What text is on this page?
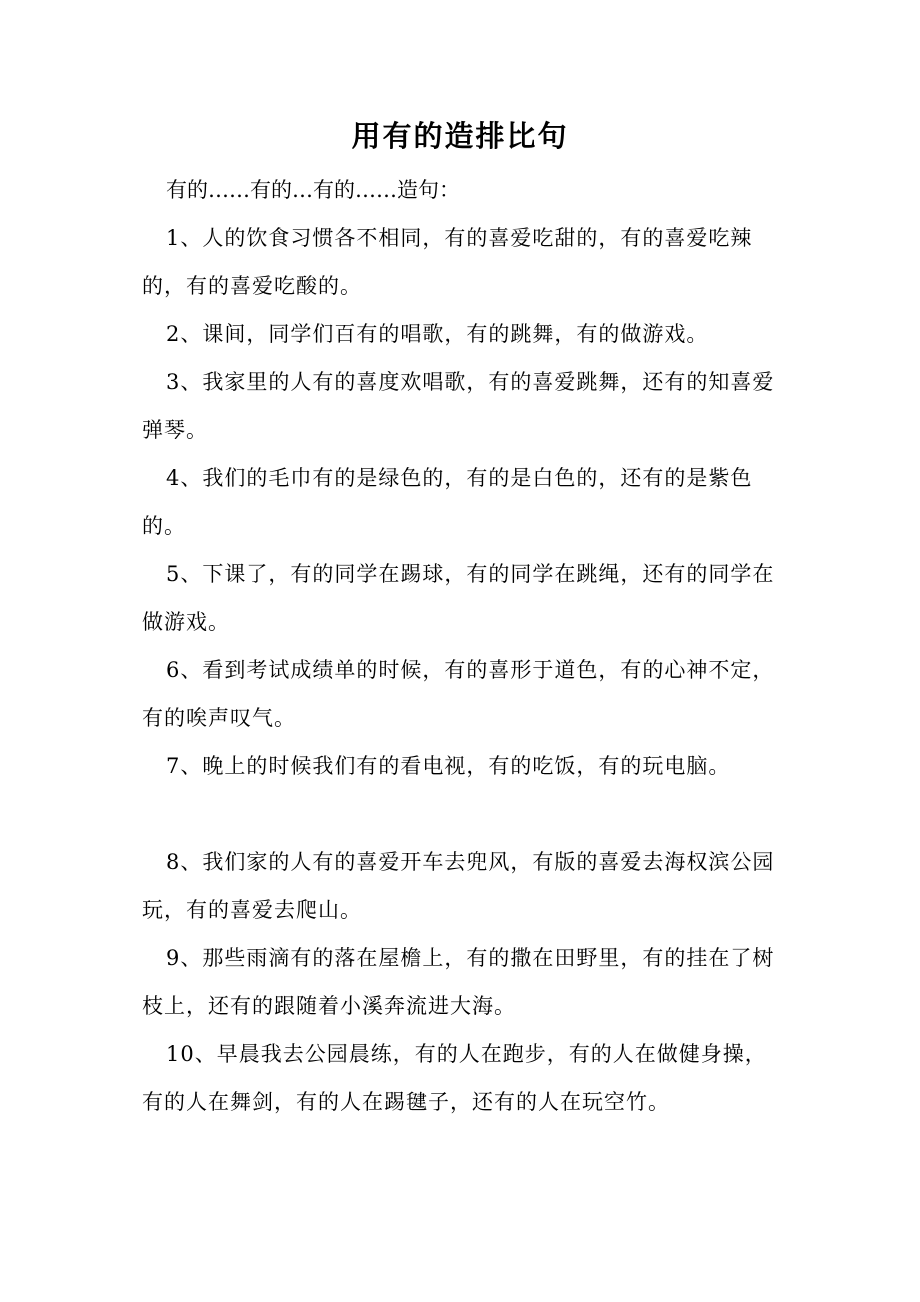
用有的造排比句
有的……有的…有的……造句：

1、人的饮食习惯各不相同，有的喜爱吃甜的，有的喜爱吃辣的，有的喜爱吃酸的。

2、课间，同学们百有的唱歌，有的跳舞，有的做游戏。

3、我家里的人有的喜度欢唱歌，有的喜爱跳舞，还有的知喜爱弹琴。

4、我们的毛巾有的是绿色的，有的是白色的，还有的是紫色的。

5、下课了，有的同学在踢球，有的同学在跳绳，还有的同学在做游戏。

6、看到考试成绩单的时候，有的喜形于道色，有的心神不定，有的唉声叹气。

7、晚上的时候我们有的看电视，有的吃饭，有的玩电脑。

8、我们家的人有的喜爱开车去兜风，有版的喜爱去海权滨公园玩，有的喜爱去爬山。

9、那些雨滴有的落在屋檐上，有的撒在田野里，有的挂在了树枝上，还有的跟随着小溪奔流进大海。

10、早晨我去公园晨练，有的人在跑步，有的人在做健身操，有的人在舞剑，有的人在踢毽子，还有的人在玩空竹。
